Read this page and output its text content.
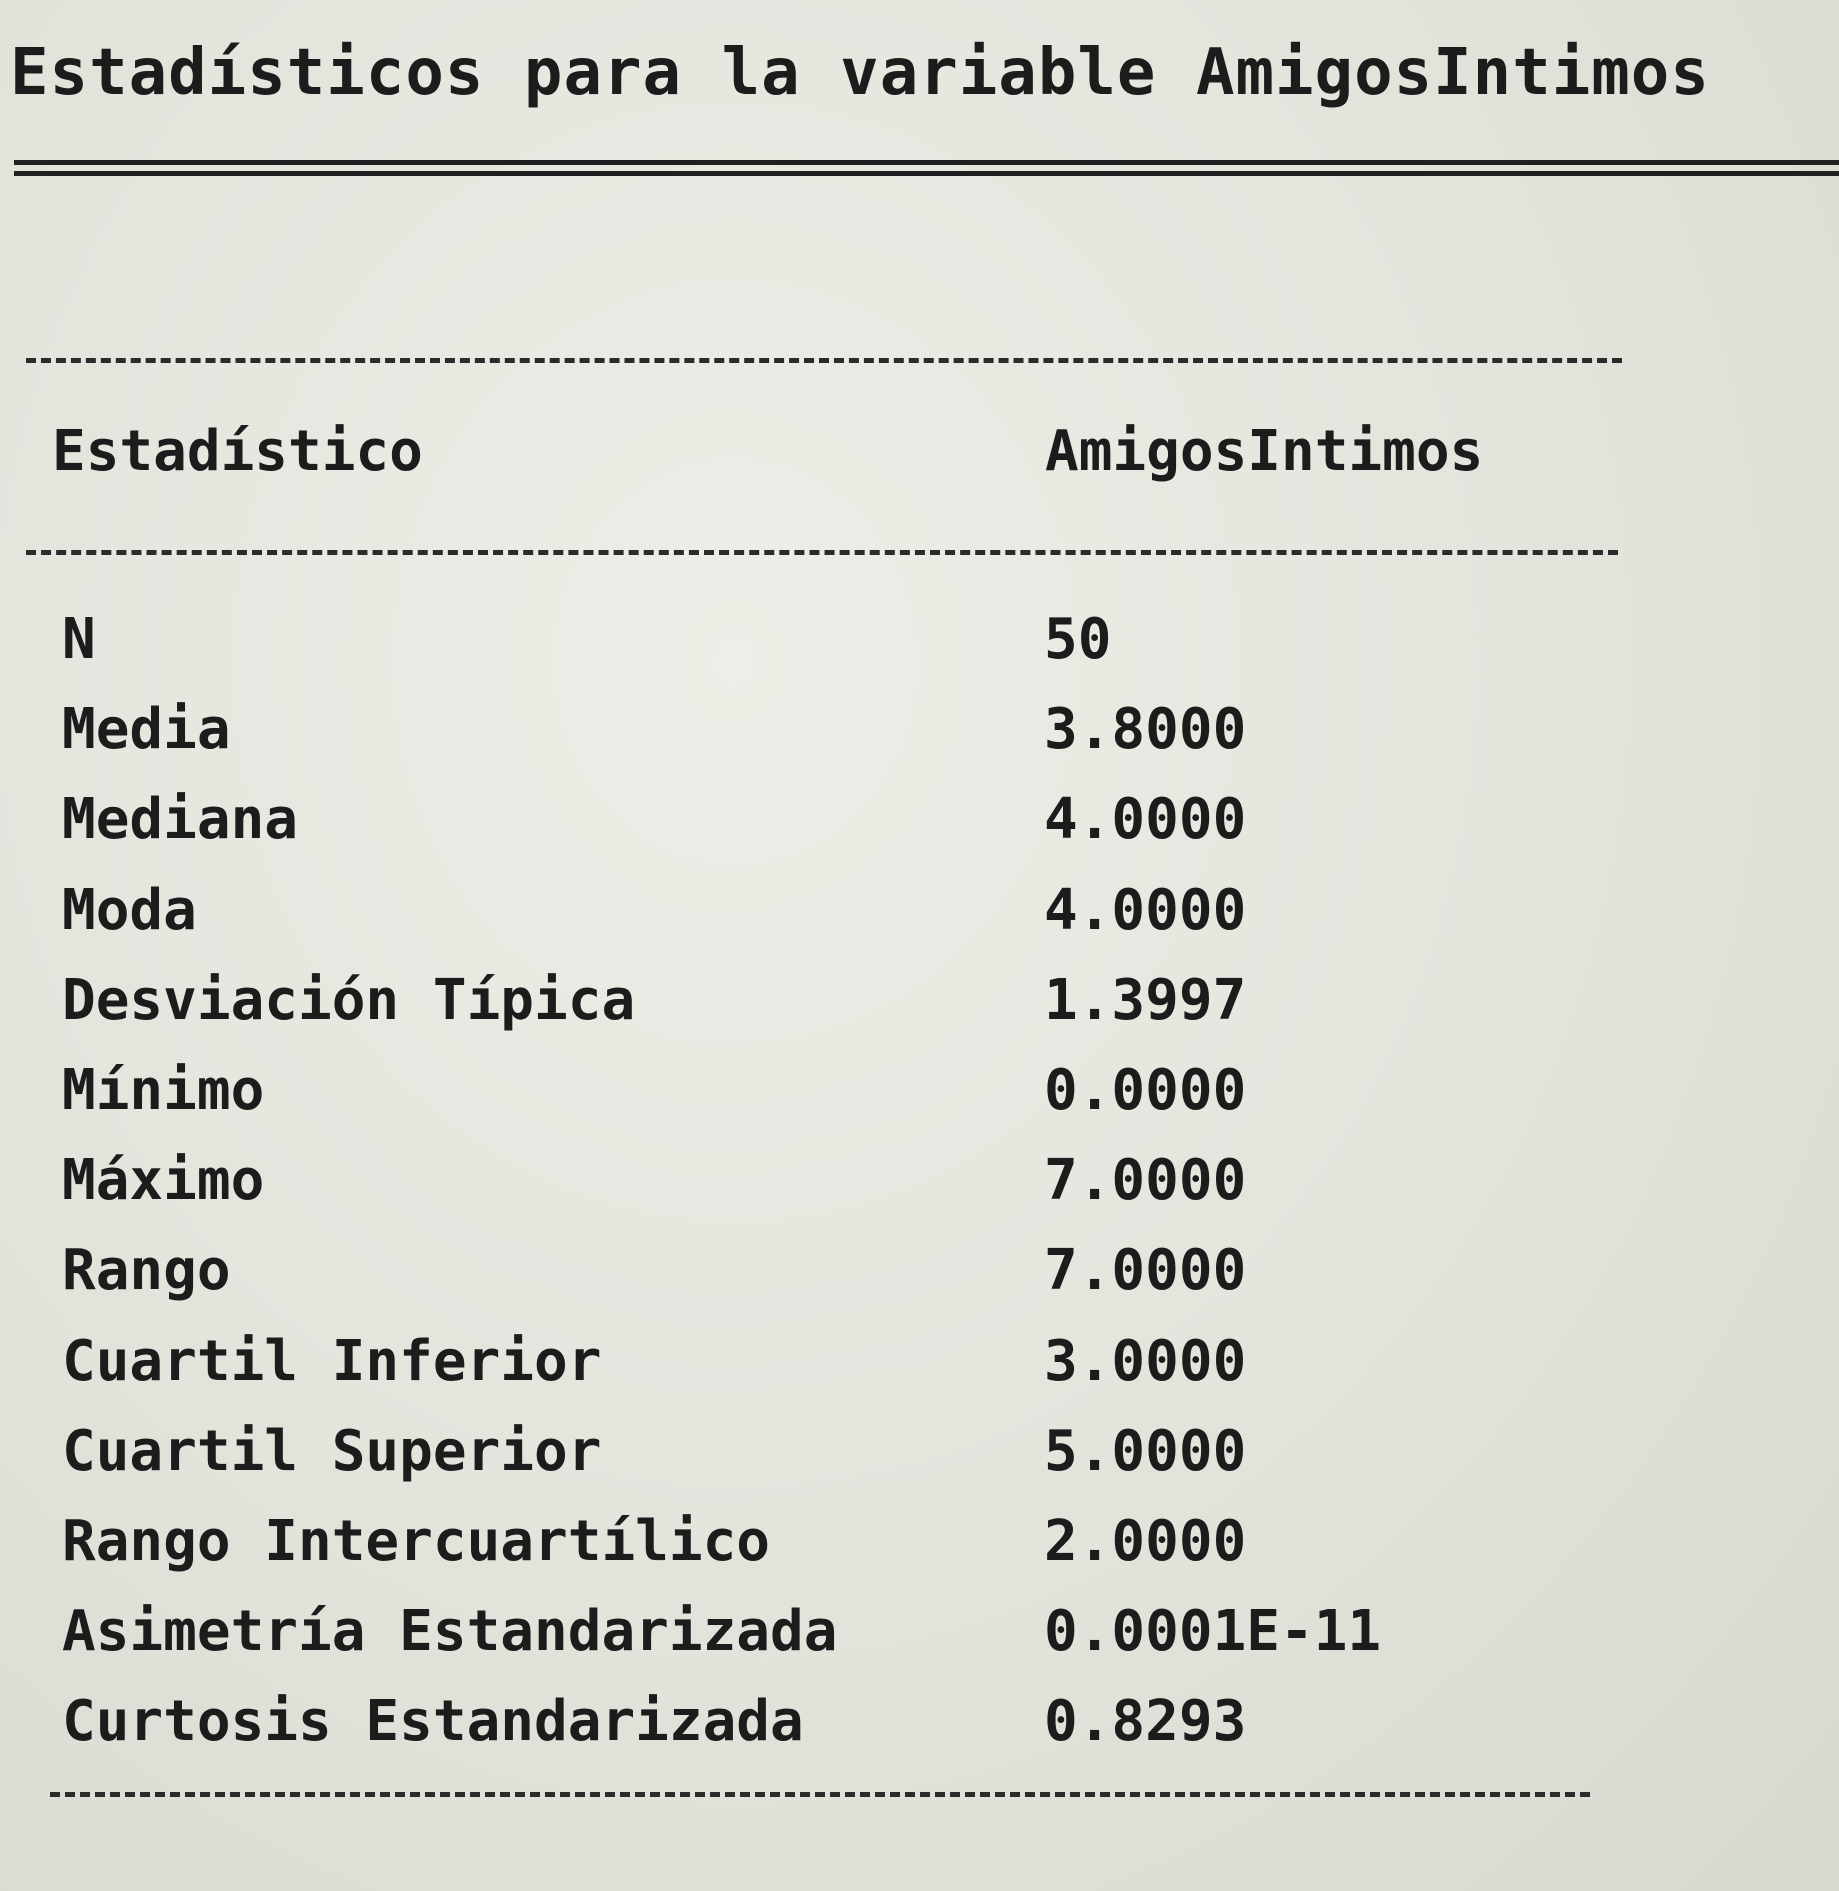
Estadísticos para la variable AmigosIntimos
Estadístico	AmigosIntimos
N	50
Media	3.8000
Mediana	4.0000
Moda	4.0000
Desviación Típica	1.3997
Mínimo	0.0000
Máximo	7.0000
Rango	7.0000
Cuartil Inferior	3.0000
Cuartil Superior	5.0000
Rango Intercuartílico	2.0000
Asimetría Estandarizada	0.0001E-11
Curtosis Estandarizada	0.8293
